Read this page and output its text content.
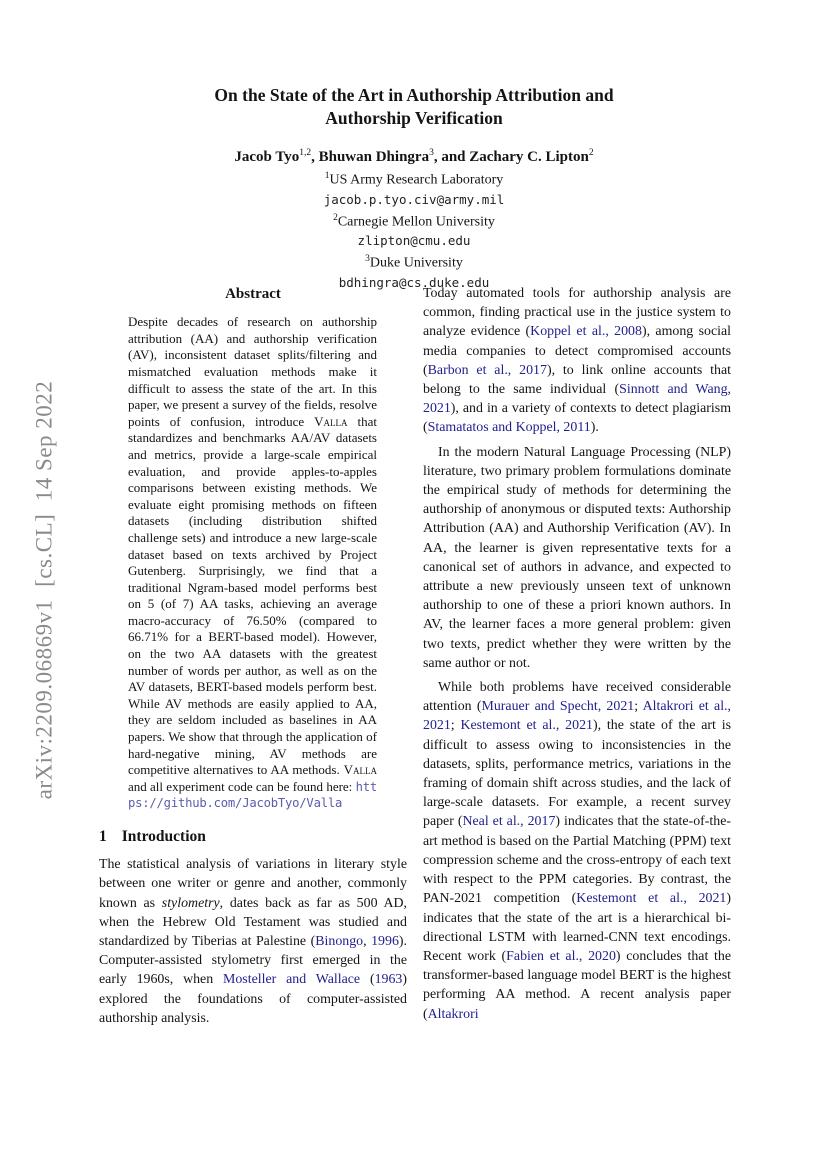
arXiv:2209.06869v1  [cs.CL]  14 Sep 2022
On the State of the Art in Authorship Attribution and
Authorship Verification
Jacob Tyo$^{1,2}$, Bhuwan Dhingra$^3$, and Zachary C. Lipton$^2$
$^1$US Army Research Laboratory
jacob.p.tyo.civ@army.mil
$^2$Carnegie Mellon University
zlipton@cmu.edu
$^3$Duke University
bdhingra@cs.duke.edu
Abstract
Despite decades of research on authorship attribution (AA) and authorship verification (AV), inconsistent dataset splits/filtering and mismatched evaluation methods make it difficult to assess the state of the art. In this paper, we present a survey of the fields, resolve points of confusion, introduce Valla that standardizes and benchmarks AA/AV datasets and metrics, provide a large-scale empirical evaluation, and provide apples-to-apples comparisons between existing methods. We evaluate eight promising methods on fifteen datasets (including distribution shifted challenge sets) and introduce a new large-scale dataset based on texts archived by Project Gutenberg. Surprisingly, we find that a traditional Ngram-based model performs best on 5 (of 7) AA tasks, achieving an average macro-accuracy of 76.50% (compared to 66.71% for a BERT-based model). However, on the two AA datasets with the greatest number of words per author, as well as on the AV datasets, BERT-based models perform best. While AV methods are easily applied to AA, they are seldom included as baselines in AA papers. We show that through the application of hard-negative mining, AV methods are competitive alternatives to AA methods. Valla and all experiment code can be found here: https://github.com/JacobTyo/Valla
1 Introduction

The statistical analysis of variations in literary style between one writer or genre and another, commonly known as stylometry, dates back as far as 500 AD, when the Hebrew Old Testament was studied and standardized by Tiberias at Palestine (Binongo, 1996). Computer-assisted stylometry first emerged in the early 1960s, when Mosteller and Wallace (1963) explored the foundations of computer-assisted authorship analysis.

Today automated tools for authorship analysis are common, finding practical use in the justice system to analyze evidence (Koppel et al., 2008), among social media companies to detect compromised accounts (Barbon et al., 2017), to link online accounts that belong to the same individual (Sinnott and Wang, 2021), and in a variety of contexts to detect plagiarism (Stamatatos and Koppel, 2011).

In the modern Natural Language Processing (NLP) literature, two primary problem formulations dominate the empirical study of methods for determining the authorship of anonymous or disputed texts: Authorship Attribution (AA) and Authorship Verification (AV). In AA, the learner is given representative texts for a canonical set of authors in advance, and expected to attribute a new previously unseen text of unknown authorship to one of these a priori known authors. In AV, the learner faces a more general problem: given two texts, predict whether they were written by the same author or not.

While both problems have received considerable attention (Murauer and Specht, 2021; Altakrori et al., 2021; Kestemont et al., 2021), the state of the art is difficult to assess owing to inconsistencies in the datasets, splits, performance metrics, variations in the framing of domain shift across studies, and the lack of large-scale datasets. For example, a recent survey paper (Neal et al., 2017) indicates that the state-of-the-art method is based on the Partial Matching (PPM) text compression scheme and the cross-entropy of each text with respect to the PPM categories. By contrast, the PAN-2021 competition (Kestemont et al., 2021) indicates that the state of the art is a hierarchical bi-directional LSTM with learned-CNN text encodings. Recent work (Fabien et al., 2020) concludes that the transformer-based language model BERT is the highest performing AA method. A recent analysis paper (Altakrori
